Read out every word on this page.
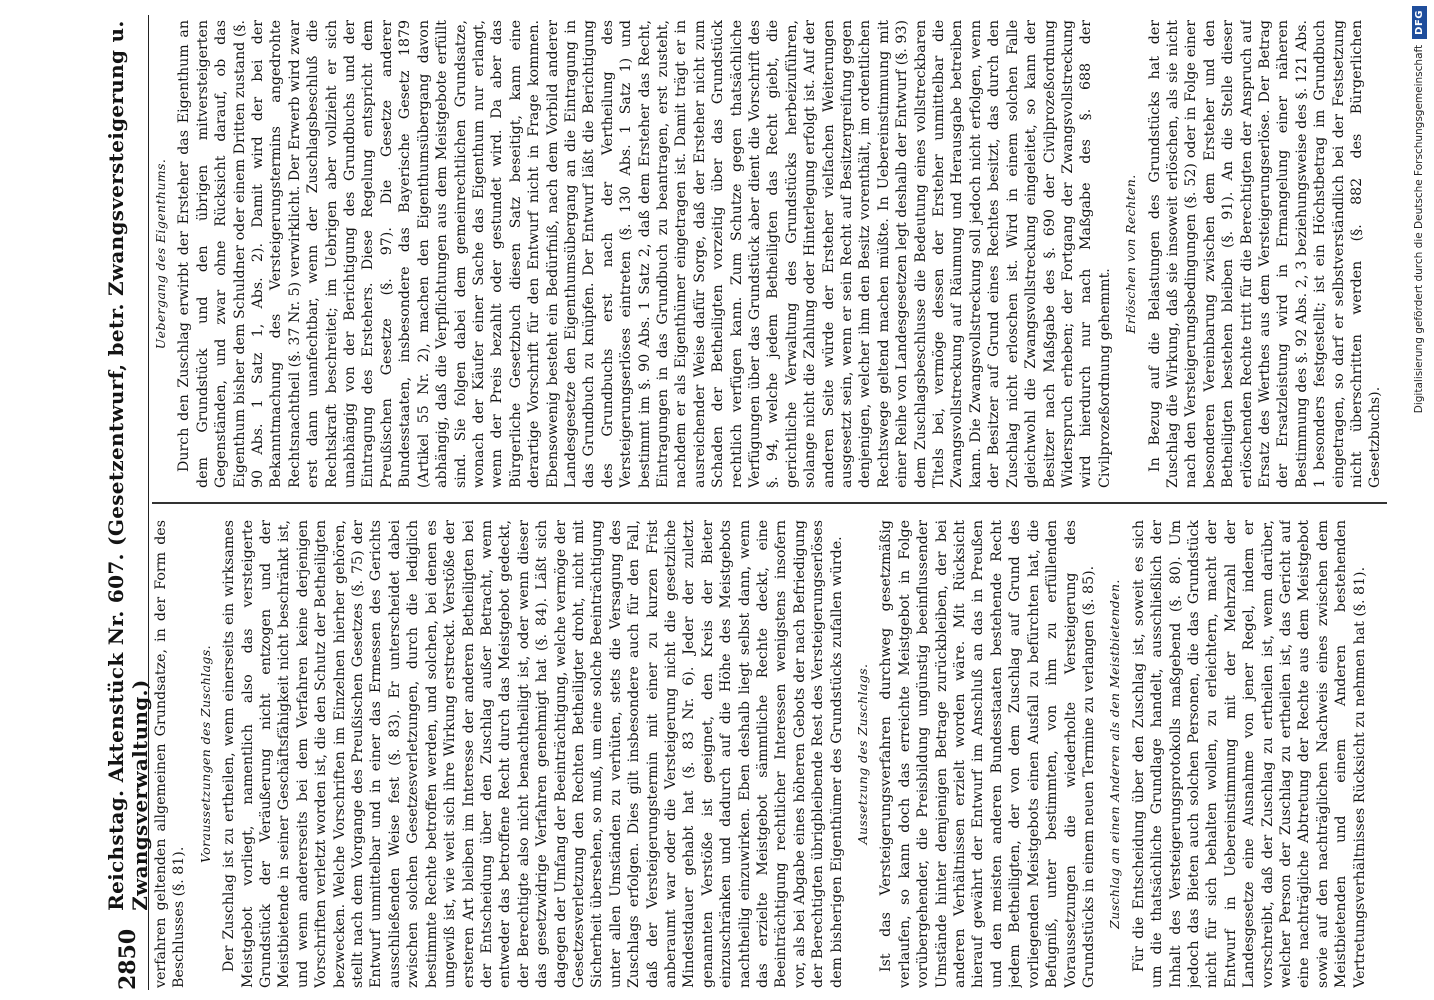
2850
Reichstag. Aktenstück Nr. 607. (Gesetzentwurf, betr. Zwangsversteigerung u. Zwangsverwaltung.) verfahren geltenden allgemeinen Grundsatze, in der Form des Beschlusses (§. 81).

Voraussetzungen des Zuschlags. Der Zuschlag ist zu ertheilen, wenn einerseits ein wirksames Meistgebot vorliegt, namentlich also das versteigerte Grundstück der Veräußerung nicht entzogen und der Meistbietende in seiner Geschäftsfähigkeit nicht beschränkt ist, und wenn andererseits bei dem Verfahren keine derjenigen Vorschriften verletzt worden ist, die den Schutz der Betheiligten bezwecken. Welche Vorschriften im Einzelnen hierher gehören, stellt nach dem Vorgange des Preußischen Gesetzes (§. 75) der Entwurf unmittelbar und in einer das Ermessen des Gerichts ausschließenden Weise fest (§. 83). Er unterscheidet dabei zwischen solchen Gesetzesverletzungen, durch die lediglich bestimmte Rechte betroffen werden, und solchen, bei denen es ungewiß ist, wie weit sich ihre Wirkung erstreckt. Verstöße der ersteren Art bleiben im Interesse der anderen Betheiligten bei der Entscheidung über den Zuschlag außer Betracht, wenn entweder das betroffene Recht durch das Meistgebot gedeckt, der Berechtigte also nicht benachtheiligt ist, oder wenn dieser das gesetzwidrige Verfahren genehmigt hat (§. 84). Läßt sich dagegen der Umfang der Beeinträchtigung, welche vermöge der Gesetzesverletzung den Rechten Betheiligter droht, nicht mit Sicherheit übersehen, so muß, um eine solche Beeinträchtigung unter allen Umständen zu verhüten, stets die Versagung des Zuschlags erfolgen. Dies gilt insbesondere auch für den Fall, daß der Versteigerungstermin mit einer zu kurzen Frist anberaumt war oder die Versteigerung nicht die gesetzliche Mindestdauer gehabt hat (§. 83 Nr. 6). Jeder der zuletzt genannten Verstöße ist geeignet, den Kreis der Bieter einzuschränken und dadurch auf die Höhe des Meistgebots nachtheilig einzuwirken. Eben deshalb liegt selbst dann, wenn das erzielte Meistgebot sämmtliche Rechte deckt, eine Beeinträchtigung rechtlicher Interessen wenigstens insofern vor, als bei Abgabe eines höheren Gebots der nach Befriedigung der Berechtigten übrigbleibende Rest des Versteigerungserlöses dem bisherigen Eigenthümer des Grundstücks zufallen würde. Aussetzung des Zuschlags. Ist das Versteigerungsverfahren durchweg gesetzmäßig verlaufen, so kann doch das erreichte Meistgebot in Folge vorübergehender, die Preisbildung ungünstig beeinflussender Umstände hinter demjenigen Betrage zurückbleiben, der bei anderen Verhältnissen erzielt worden wäre. Mit Rücksicht hierauf gewährt der Entwurf im Anschluß an das in Preußen und den meisten anderen Bundesstaaten bestehende Recht jedem Betheiligten, der von dem Zuschlag auf Grund des vorliegenden Meistgebots einen Ausfall zu befürchten hat, die Befugniß, unter bestimmten, von ihm zu erfüllenden Voraussetzungen die wiederholte Versteigerung des Grundstücks in einem neuen Termine zu verlangen (§. 85). Zuschlag an einen Anderen als den Meistbietenden. Für die Entscheidung über den Zuschlag ist, soweit es sich um die thatsächliche Grundlage handelt, ausschließlich der Inhalt des Versteigerungsprotokolls maßgebend (§. 80). Um jedoch das Bieten auch solchen Personen, die das Grundstück nicht für sich behalten wollen, zu erleichtern, macht der Entwurf in Uebereinstimmung mit der Mehrzahl der Landesgesetze eine Ausnahme von jener Regel, indem er vorschreibt, daß der Zuschlag zu ertheilen ist, wenn darüber, welcher Person der Zuschlag zu ertheilen ist, das Gericht auf eine nachträgliche Abtretung der Rechte aus dem Meistgebot sowie auf den nachträglichen Nachweis eines zwischen dem Meistbietenden und einem Anderen bestehenden Vertretungsverhältnisses Rücksicht zu nehmen hat (§. 81).

Uebergang des Eigenthums. Durch den Zuschlag erwirbt der Ersteher das Eigenthum an dem Grundstück und den übrigen mitversteigerten Gegenständen, und zwar ohne Rücksicht darauf, ob das Eigenthum bisher dem Schuldner oder einem Dritten zustand (§. 90 Abs. 1 Satz 1, Abs. 2). Damit wird der bei der Bekanntmachung des Versteigerungstermins angedrohte Rechtsnachtheil (§. 37 Nr. 5) verwirklicht. Der Erwerb wird zwar erst dann unanfechtbar, wenn der Zuschlagsbeschluß die Rechtskraft beschreitet; im Uebrigen aber vollzieht er sich unabhängig von der Berichtigung des Grundbuchs und der Eintragung des Erstehers. Diese Regelung entspricht dem Preußischen Gesetze (§. 97). Die Gesetze anderer Bundesstaaten, insbesondere das Bayerische Gesetz 1879 (Artikel 55 Nr. 2), machen den Eigenthumsübergang davon abhängig, daß die Verpflichtungen aus dem Meistgebote erfüllt sind. Sie folgen dabei dem gemeinrechtlichen Grundsatze, wonach der Käufer einer Sache das Eigenthum nur erlangt, wenn der Preis bezahlt oder gestundet wird. Da aber das Bürgerliche Gesetzbuch diesen Satz beseitigt, kann eine derartige Vorschrift für den Entwurf nicht in Frage kommen. Ebensowenig besteht ein Bedürfniß, nach dem Vorbild anderer Landesgesetze den Eigenthumsübergang an die Eintragung in das Grundbuch zu knüpfen. Der Entwurf läßt die Berichtigung des Grundbuchs erst nach der Vertheilung des Versteigerungserlöses eintreten (§. 130 Abs. 1 Satz 1) und bestimmt im §. 90 Abs. 1 Satz 2, daß dem Ersteher das Recht, Eintragungen in das Grundbuch zu beantragen, erst zusteht, nachdem er als Eigenthümer eingetragen ist. Damit trägt er in ausreichender Weise dafür Sorge, daß der Ersteher nicht zum Schaden der Betheiligten vorzeitig über das Grundstück rechtlich verfügen kann. Zum Schutze gegen thatsächliche Verfügungen über das Grundstück aber dient die Vorschrift des §. 94, welche jedem Betheiligten das Recht giebt, die gerichtliche Verwaltung des Grundstücks herbeizuführen, solange nicht die Zahlung oder Hinterlegung erfolgt ist. Auf der anderen Seite würde der Ersteher vielfachen Weiterungen ausgesetzt sein, wenn er sein Recht auf Besitzergreifung gegen denjenigen, welcher ihm den Besitz vorenthält, im ordentlichen Rechtswege geltend machen müßte. In Uebereinstimmung mit einer Reihe von Landesgesetzen legt deshalb der Entwurf (§. 93) dem Zuschlagsbeschlusse die Bedeutung eines vollstreckbaren Titels bei, vermöge dessen der Ersteher unmittelbar die Zwangsvollstreckung auf Räumung und Herausgabe betreiben kann. Die Zwangsvollstreckung soll jedoch nicht erfolgen, wenn der Besitzer auf Grund eines Rechtes besitzt, das durch den Zuschlag nicht erloschen ist. Wird in einem solchen Falle gleichwohl die Zwangsvollstreckung eingeleitet, so kann der Besitzer nach Maßgabe des §. 690 der Civilprozeßordnung Widerspruch erheben; der Fortgang der Zwangsvollstreckung wird hierdurch nur nach Maßgabe des §. 688 der Civilprozeßordnung gehemmt.

Erlöschen von Rechten. In Bezug auf die Belastungen des Grundstücks hat der Zuschlag die Wirkung, daß sie insoweit erlöschen, als sie nicht nach den Versteigerungsbedingungen (§. 52) oder in Folge einer besonderen Vereinbarung zwischen dem Ersteher und den Betheiligten bestehen bleiben (§. 91). An die Stelle dieser erlöschenden Rechte tritt für die Berechtigten der Anspruch auf Ersatz des Werthes aus dem Versteigerungserlöse. Der Betrag der Ersatzleistung wird in Ermangelung einer näheren Bestimmung des §. 92 Abs. 2, 3 beziehungsweise des §. 121 Abs. 1 besonders festgestellt; ist ein Höchstbetrag im Grundbuch eingetragen, so darf er selbstverständlich bei der Festsetzung nicht überschritten werden (§. 882 des Bürgerlichen Gesetzbuchs).

Digitalisierung gefördert durch die Deutsche Forschungsgemeinschaft
DFG
